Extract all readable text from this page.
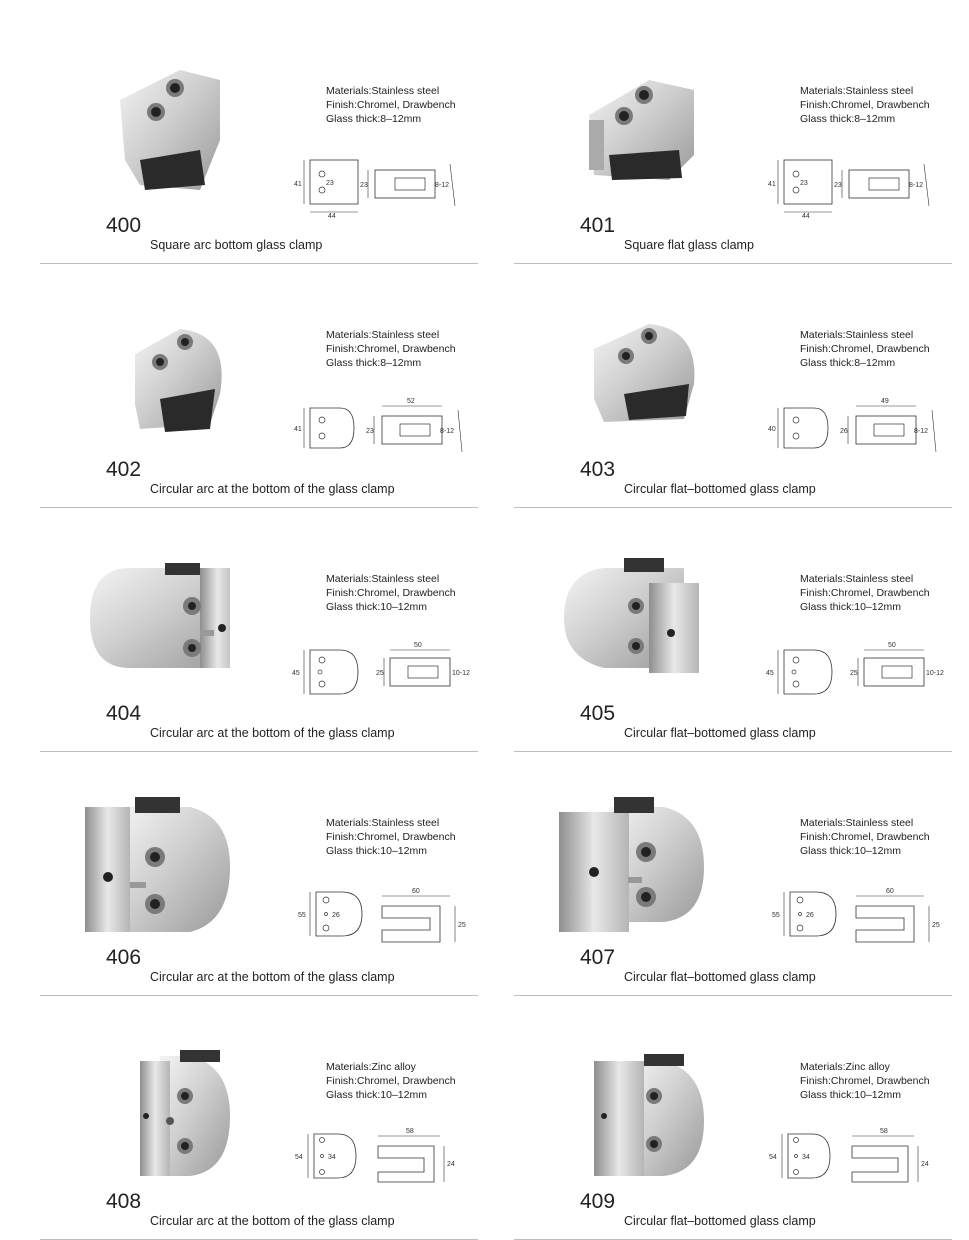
Materials:Stainless steel
Finish:Chromel, Drawbench
Glass thick:8–12mm
41	23
44
23	8-12
400
Square arc bottom glass clamp
Materials:Stainless steel
Finish:Chromel, Drawbench
Glass thick:8–12mm
41	23
44
23	8-12
401
Square flat glass clamp
Materials:Stainless steel
Finish:Chromel, Drawbench
Glass thick:8–12mm
41	23
52
8-12
402
Circular arc at the bottom of the glass clamp
Materials:Stainless steel
Finish:Chromel, Drawbench
Glass thick:8–12mm
40	26
49
8-12
403
Circular flat–bottomed glass clamp
Materials:Stainless steel
Finish:Chromel, Drawbench
Glass thick:10–12mm
45	25
50
10-12
404
Circular arc at the bottom of the glass clamp
Materials:Stainless steel
Finish:Chromel, Drawbench
Glass thick:10–12mm
45	25
50
10-12
405
Circular flat–bottomed glass clamp
Materials:Stainless steel
Finish:Chromel, Drawbench
Glass thick:10–12mm
55	26
60
25
406
Circular arc at the bottom of the glass clamp
Materials:Stainless steel
Finish:Chromel, Drawbench
Glass thick:10–12mm
55	26
60
25
407
Circular flat–bottomed glass clamp
Materials:Zinc alloy
Finish:Chromel, Drawbench
Glass thick:10–12mm
54	34
58
24
408
Circular arc at the bottom of the glass clamp
Materials:Zinc alloy
Finish:Chromel, Drawbench
Glass thick:10–12mm
54	34
58
24
409
Circular flat–bottomed glass clamp
